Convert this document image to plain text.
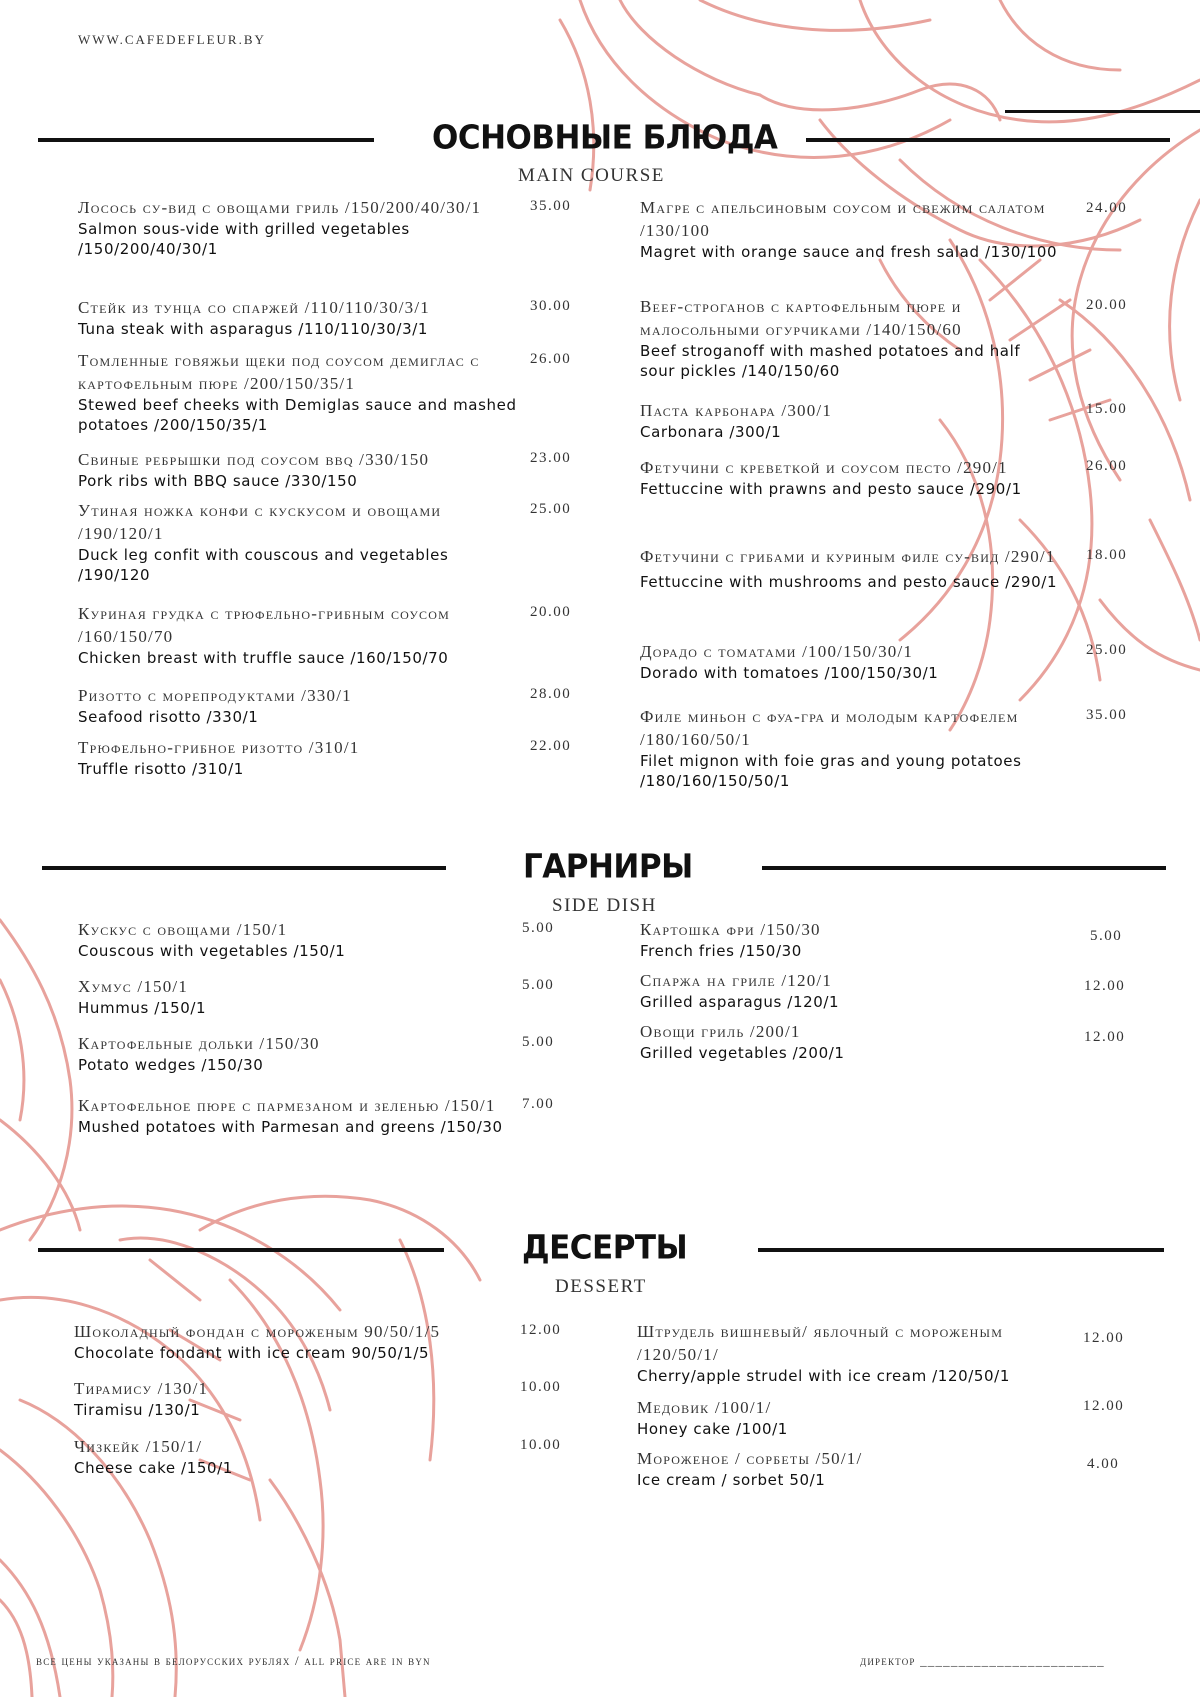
WWW.CAFEDEFLEUR.BY
ОСНОВНЫЕ БЛЮДА
MAIN COURSE
Лосось су-вид с овощами гриль /150/200/40/30/1
Salmon sous-vide with grilled vegetables /150/200/40/30/1
35.00
Стейк из тунца со спаржей /110/110/30/3/1
Tuna steak with asparagus /110/110/30/3/1
30.00
Томленные говяжьи щеки под соусом демиглас с картофельным пюре /200/150/35/1
Stewed beef cheeks with Demiglas sauce and mashed potatoes /200/150/35/1
26.00
Свиные ребрышки под соусом bbq /330/150
Pork ribs with BBQ sauce /330/150
23.00
Утиная ножка конфи с кускусом и овощами /190/120/1
Duck leg confit with couscous and vegetables /190/120
25.00
Куриная грудка с трюфельно-грибным соусом /160/150/70
Chicken breast with truffle sauce /160/150/70
20.00
Ризотто с морепродуктами /330/1
Seafood risotto /330/1
28.00
Трюфельно-грибное ризотто /310/1
Truffle risotto /310/1
22.00
Магре с апельсиновым соусом и свежим салатом /130/100
Magret with orange sauce and fresh salad /130/100
24.00
Beef-строганов с картофельным пюре и малосольными огурчиками /140/150/60
Beef stroganoff with mashed potatoes and half sour pickles /140/150/60
20.00
Паста карбонара /300/1
Carbonara /300/1
15.00
Фетучини с креветкой и соусом песто /290/1
Fettuccine with prawns and pesto sauce /290/1
26.00
Фетучини с грибами и куриным филе су-вид /290/1
Fettuccine with mushrooms and pesto sauce /290/1
18.00
Дорадо с томатами /100/150/30/1
Dorado with tomatoes /100/150/30/1
25.00
Филе миньон с фуа-гра и молодым картофелем /180/160/50/1
Filet mignon with foie gras and young potatoes /180/160/150/50/1
35.00
ГАРНИРЫ
SIDE DISH
Кускус с овощами /150/1
Couscous with vegetables /150/1
5.00
Хумус /150/1
Hummus /150/1
5.00
Картофельные дольки /150/30
Potato wedges /150/30
5.00
Картофельное пюре с пармезаном и зеленью /150/1
Mushed potatoes with Parmesan and greens /150/30
7.00
Картошка фри /150/30
French fries /150/30
5.00
Спаржа на гриле /120/1
Grilled asparagus /120/1
12.00
Овощи гриль /200/1
Grilled vegetables /200/1
12.00
ДЕСЕРТЫ
DESSERT
Шоколадный фондан с мороженым 90/50/1/5
Chocolate fondant with ice cream 90/50/1/5
12.00
Тирамису /130/1
Tiramisu /130/1
10.00
Чизкейк /150/1/
Cheese cake /150/1
10.00
Штрудель вишневый/ яблочный с мороженым /120/50/1/
Cherry/apple strudel with ice cream /120/50/1
12.00
Медовик /100/1/
Honey cake /100/1
12.00
Мороженое / сорбеты /50/1/
Ice cream / sorbet 50/1
4.00
все цены указаны в белорусских рублях / all price are in byn	директор ________________________
